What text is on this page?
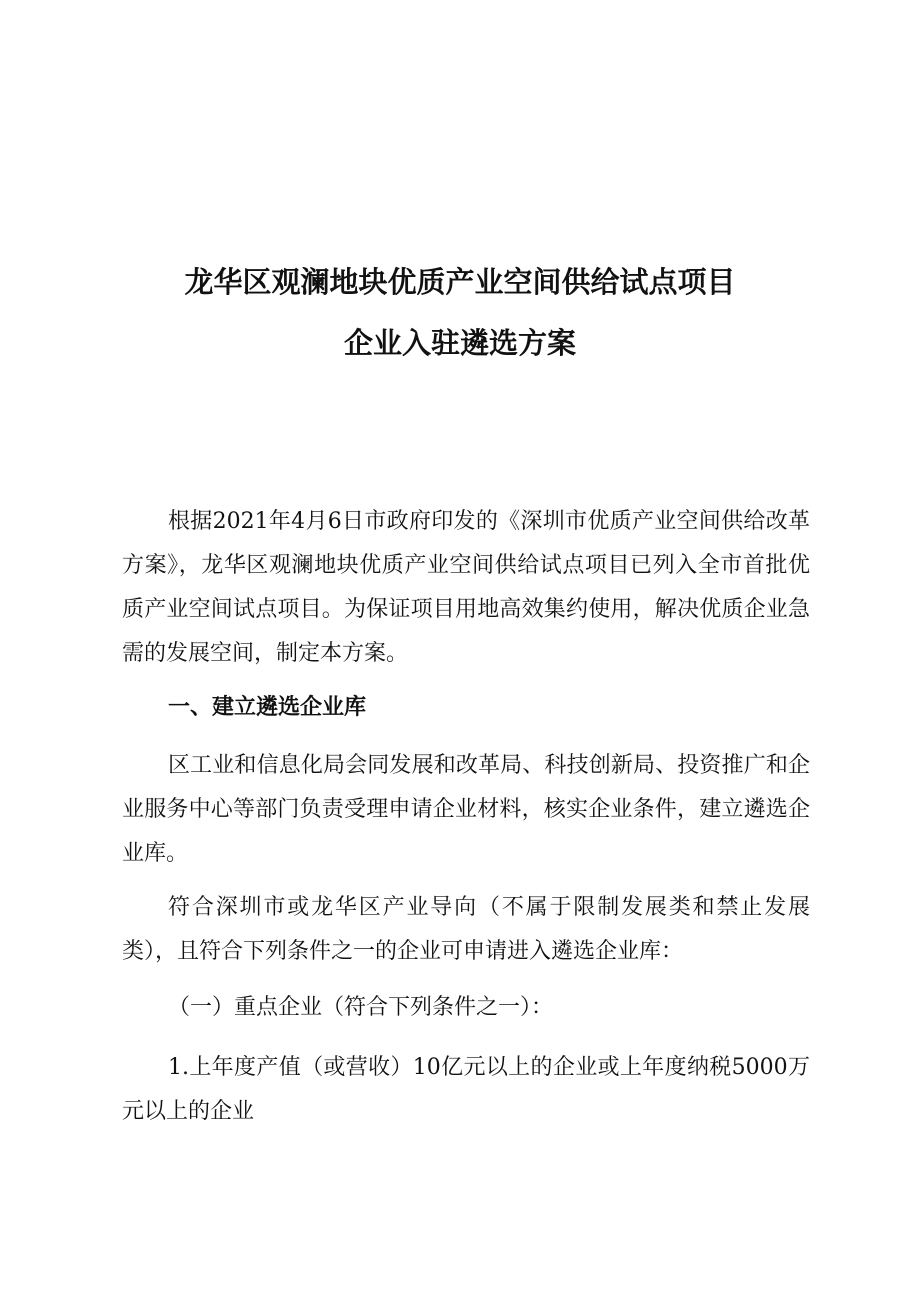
龙华区观澜地块优质产业空间供给试点项目
企业入驻遴选方案
根据2021年4月6日市政府印发的《深圳市优质产业空间供给改革方案》，龙华区观澜地块优质产业空间供给试点项目已列入全市首批优质产业空间试点项目。为保证项目用地高效集约使用，解决优质企业急需的发展空间，制定本方案。
一、建立遴选企业库
区工业和信息化局会同发展和改革局、科技创新局、投资推广和企业服务中心等部门负责受理申请企业材料，核实企业条件，建立遴选企业库。
符合深圳市或龙华区产业导向（不属于限制发展类和禁止发展类），且符合下列条件之一的企业可申请进入遴选企业库：
（一）重点企业（符合下列条件之一）：
1.上年度产值（或营收）10亿元以上的企业或上年度纳税5000万元以上的企业
